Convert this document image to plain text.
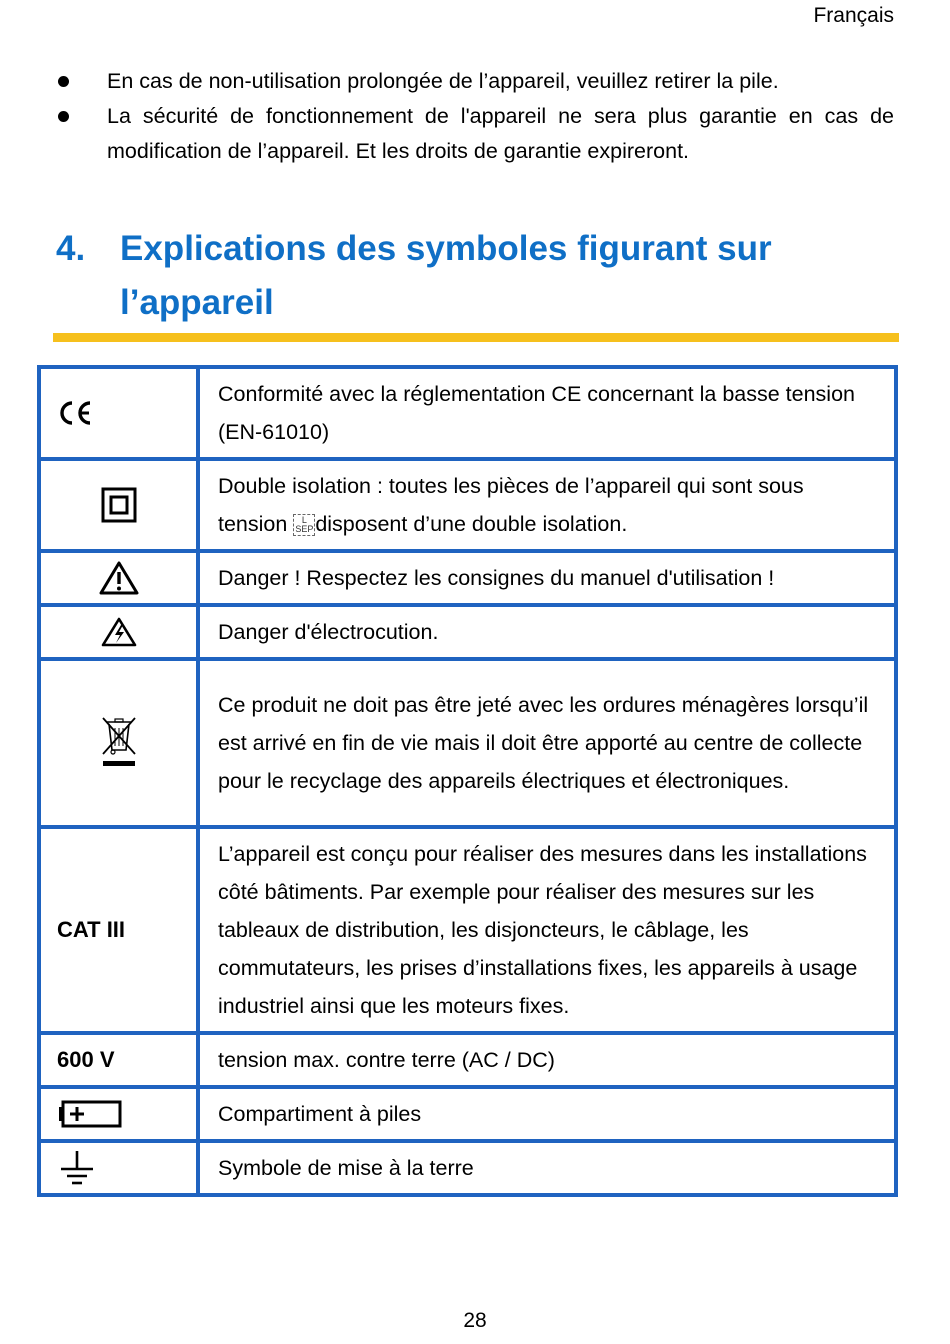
Français
En cas de non-utilisation prolongée de l’appareil, veuillez retirer la pile.
La sécurité de fonctionnement de l'appareil ne sera plus garantie en cas de modification de l’appareil. Et les droits de garantie expireront.
4. Explications des symboles figurant sur l’appareil
	Conformité avec la réglementation CE concernant la basse tension (EN-61010)
	Double isolation : toutes les pièces de l’appareil qui sont sous tension L
SEPdisposent d’une double isolation.
	Danger ! Respectez les consignes du manuel d'utilisation !
	Danger d'électrocution.
	Ce produit ne doit pas être jeté avec les ordures ménagères lorsqu’il est arrivé en fin de vie mais il doit être apporté au centre de collecte pour le recyclage des appareils électriques et électroniques.
CAT III	L’appareil est conçu pour réaliser des mesures dans les installations côté bâtiments. Par exemple pour réaliser des mesures sur les tableaux de distribution, les disjoncteurs, le câblage, les commutateurs, les prises d’installations fixes, les appareils à usage industriel ainsi que les moteurs fixes.
600 V	tension max. contre terre (AC / DC)
	Compartiment à piles
	Symbole de mise à la terre
28
